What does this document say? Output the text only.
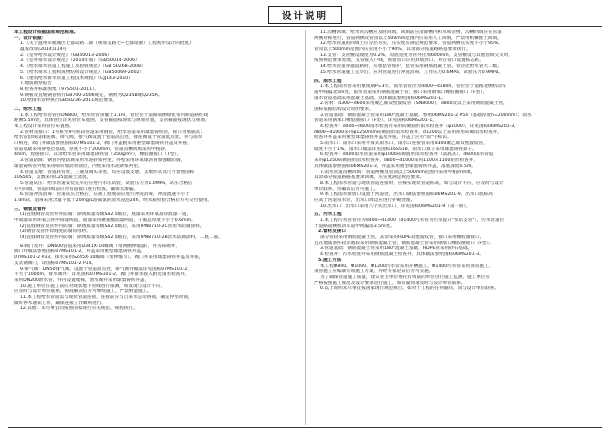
设计说明
本工程设计依据国家规范标准。
一、设计依据：
1.《关于温州市鹿城区七都岛路二期（规划支路七~七都堤塘）工程初步设计的批复》
温发改审[2014]114号
2.《室外给水设计规范》（GB50013-2006）
3.《室外排水设计规范》（2014年版）（GB50014-2006）
4.《给水排水管道工程施工及验收规范》（GB 50268-2008）
5.《给水排水工程构筑物结构设计规范》（GB50069-2002）
6.《建筑给水排水管道工程技术规程》（CJJ143-2010）
7.地质勘察报告
8.检查井标准图集（97S501-2011）。
9.钢板及直缝钢管执行GB700-2006规定，钢材为Q235B或Q235A。
10.给排水管材执行GB50236-2011规范要求。
二、给水工程
1.本工程给水管管径DN800，给水管管顶覆土1.1m，管位位于道路南侧绿化带内距道路红线
距侧5.5m处，具体管位详见管位布置图，支管截面按现状与规划位置，支管截面按现状与规划，
本工程设计采用管位布置图。
2.管材及接口：1号桩至9号桩段管道采用钢管，给水管道采用球墨铸铁管，接口为承插式；
给水管沿线设排泥阀、排气阀，排气阀设置于管道高点处，排泥阀设于管道低点处，并与雨水
口相连，阀门井做法参照国标07MS101-2，阀门井盖板采用重型球墨铸铁井盖及井座，
管道基础采用砂垫层基础，厚度不小于200mm，管道沟槽回填采用中粗砂，
4mm，焊接接口，其余给水管采用球墨铸铁管（350g/m²），橡胶圈接口（T型）。
3.管道防腐：钢管内壁防腐采用水泥砂浆衬里，外壁采用环氧煤沥青加强级防腐，
球墨铸铁管外壁采用喷锌加沥青涂层，内壁采用水泥砂浆衬里。
4.管道支墩：管道转弯处、三通及端头等处，均应设置支墩，支墩形式及尺寸参照国标
10S505，支墩采用C25混凝土浇筑。
5.管道试压：给水管道安装完毕后应进行水压试验，试验压力为1.0MPa，试压合格后
方可回填，管道回填前应对管道接口进行检查，确保无渗漏。
6.管道冲洗消毒：管道试压合格后，在竣工验收前应进行冲洗消毒，冲洗流速不小于
1.0m/s，消毒采用含量不低于20mg/L游离氯的清水浸泡24h，经水质检验合格后方可交付使用。
三、钢管及管件
(1)直缝钢管及管件外防腐：除锈质量等级Sa2.5级后，底漆采用环氧富锌底漆一道，
中间漆采用环氧云铁中间漆两道，面漆采用聚氨酯面漆两道，干膜总厚度不小于0.6mm。
(2)直缝钢管及管件内防腐：除锈质量等级Sa2.5级后，采用IPN8710-2C饮用水防腐涂料。
(3)钢管及管件焊缝处防腐同母材。
(4)直缝钢管及管件内防腐：除锈质量等级Sa2.5级后，采用IPN8710-2B饮水防腐涂料，二底二面。
8.阀门及井：DN600管道采用D341X-10蝶阀（带两侧伸缩器），井为砖砌井，
阀门井做法参照国标07MS101-2，井盖采用重型球墨铸铁井盖，
07MS101-2 P33，排水采用SZ45X-10蝶阀（带伸缩节），阀门井采用球墨铸铁井盖及井座，
支式钢阀门，详国标07MS101-2 P14。
9.排气阀：DN50排气阀，设置于管道高点处，排气阀井做法详见国标07MS101-2，
不大于1000m，排水阀井：详见国标07MS101-2，阀门井排水接入附近雨水检查井，
采用DN200泄水管，井内设置爬梯，泄水阀井采用球墨铸铁井盖，
10.施工单位在施工前应对现状地下管线进行探测，如发现与设计不符，
应及时与设计单位联系，协商解决后方可继续施工，严禁野蛮施工。
11.本工程给水管道需与现状管道连接，连接前应与自来水公司协商，确定停水时间，
做好停水通知工作，确保连接工作顺利进行。
12.其他：未尽事宜均按照国家现行有关规范、规程执行。
11.沟槽回填：给水管沟槽应及时回填，回填前应清除槽内积水和杂物，沟槽回填应在管道
两侧对称进行，管道两侧及管顶以上500mm范围内应采用人工回填，严禁用机械推土回填。
12.给水管道的回填土应分层夯实，压实度应满足规范要求，管道两侧压实度不小于95%，
管顶以上500mm范围内压实度不小于90%，其余部分按道路路基要求执行。
13.支管：支管敷设坡度为0.2%，沟底宽度为管外径加600mm，支管敷设与其他管线交叉时，
按照规范要求处理，支管接入户线，预留管口应用封堵封口，并在管口设置标志桩。
14.给水管道穿越道路时，应加套管保护，套管采用钢筋混凝土管，管径比给水管大二级。
15.给水管道施工完毕后，应对管道进行冲洗消毒，工作压力0.6MPa，试验压力0.9MPa。
四、雨水工程
1.本工程雨水管采用重现期P=3年，雨水管管径为d400~d1800，管位位于道路北侧机动车
道中线偏北5m处，雨水管道采用钢筋混凝土管，接口采用钢承口橡胶圈接口（F型），
雨水管道基础采用混凝土基础，具体做法参照国标06MS201-1。
2.管材：d300~d600采用聚乙烯双壁波纹管（SN8000），d800及以上采用钢筋混凝土管，
国标依据结构设计说明要求。
3.管道基础：钢筋混凝土管采用180°混凝土基础，参照06MS201-2 P54（基础厚度h=200mm）；雨水
管道采用钢承口橡胶圈接口（F型），详见国标06MS201-1。
4.检查井：d400~d600雨水检查井采用砖砌圆形雨水检查井（φ1000），详见国标06MS201-3，
d800~d1000采用φ1250mm砖砌圆形雨水检查井，d1200以上采用矩形砖砌雨水检查井，
检查井井盖采用重型球墨铸铁井盖及井座，井盖上应有"雨"字标识。
5.雨水口：雨水口采用平算式雨水口，雨水口连接管采用d300聚乙烯双壁波纹管，
坡度不小于1%，雨水口做法详见国标16S518，雨水口算子采用球墨铸铁算子。
6.检查井：d400雨水管道采用φ1000砖砌圆形雨水检查井（落底式），d600雨水管道
采用φ1250砖砌圆形雨水检查井，d800~d1000采用1100×1100矩形检查井，
具体做法参照国标06MS201-3，井盖采用重型球墨铸铁井盖，落底深度0.5m。
7.雨水管道沟槽回填：管道两侧及管顶以上500mm范围内采用中粗砂回填，
其余部分按道路路基要求回填，压实度满足规范要求。
8.本工程雨水管道与现状管道连接时，应核实现状管道标高，如与设计不符，应及时与设计
单位联系，待确认后方可施工。
9.本工程雨水排放口设置于河道处，出水口做法参照国标06MS201-9，出水口底标高
应高于河道常水位，出水口周边应进行护砌处理。
10.出水口：出水口采用八字式出水口，详见国标06MS201-9（第一册）。
五、污水工程
1.本工程污水管管径为d400~d1400（d1400污水管为污水提升"泵站支管"），污水管道位
于道路南侧机动车道中线偏南3.5m处。
2.管材及接口
部分管段采用钢筋混凝土管，其余采用HDPE双壁波纹管，接口采用橡胶圈接口，
且在地质条件较差地段采用钢筋混凝土管，钢筋混凝土管采用钢承口橡胶圈接口（F型）。
3.管道基础：钢筋混凝土管采用180°混凝土基础，HDPE管采用砂石基础。
4.检查井：污水检查井采用钢筋混凝土检查井，具体做法参照国标06MS201-3。
5.施工方法
本工程Φ800、Φ1000、Φ1200污水管采用开槽施工，Φ1400污水管采用顶管施工，
顶管施工应编制专项施工方案，并经专家论证后方可实施。
为了确保管道施工质量，建议业主单位委托有资质的单位进行施工监测，施工单位应
严格按照施工规范及设计要求进行施工，如有疑问请及时与设计单位联系。
6.以上说明未尽事宜按国家现行规范执行。如对于工程的任何疑问，请与设计单位联系。
